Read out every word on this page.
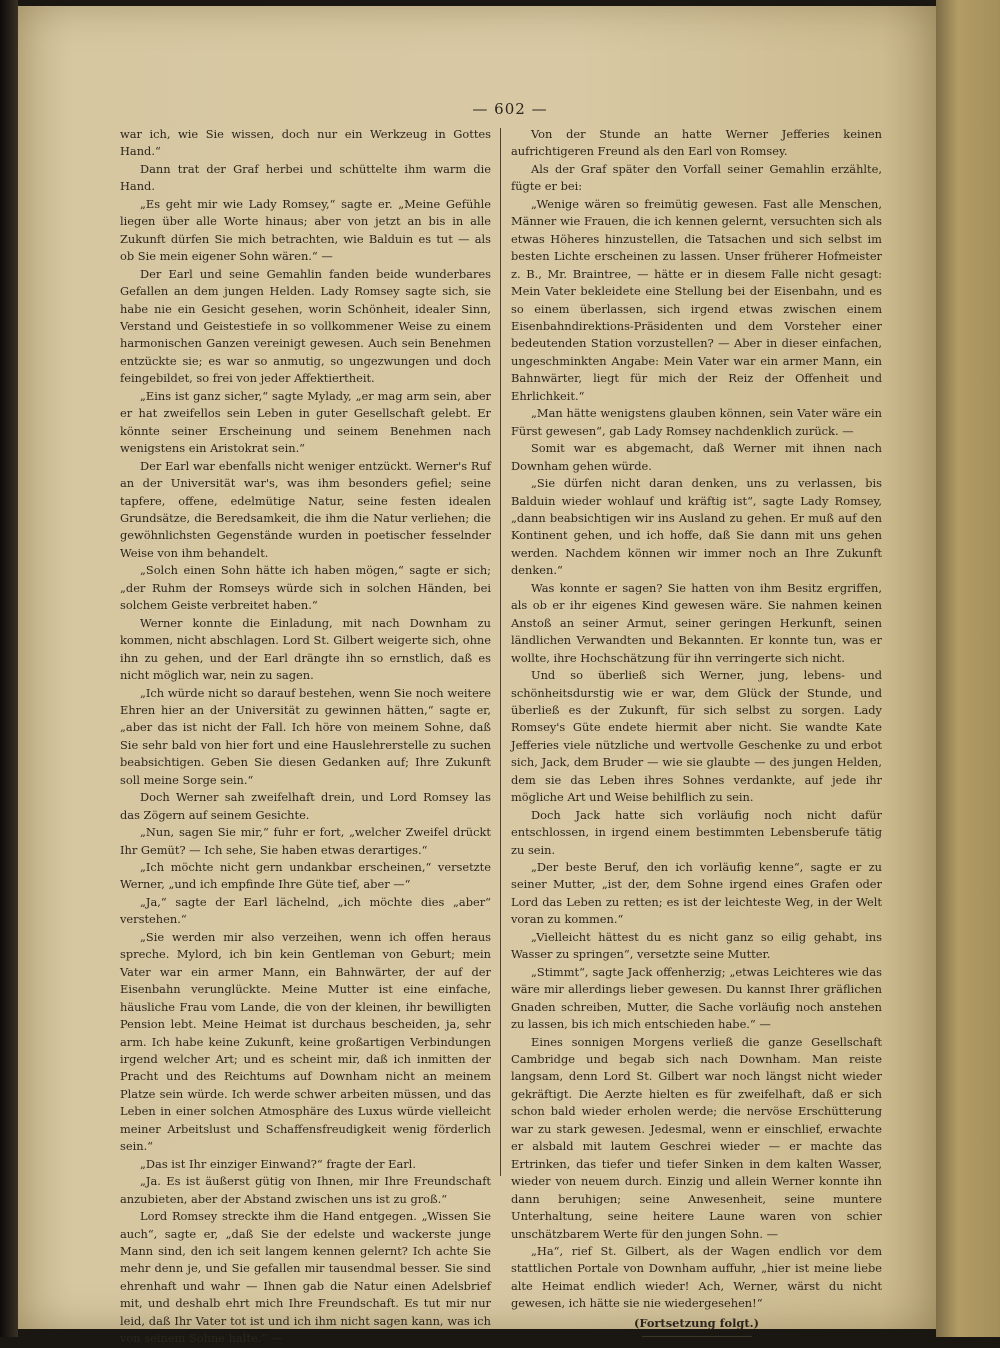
— 602 —

war ich, wie Sie wissen, doch nur ein Werkzeug in Gottes Hand.“

Dann trat der Graf herbei und schüttelte ihm warm die Hand.

„Es geht mir wie Lady Romsey,“ sagte er. „Meine Gefühle liegen über alle Worte hinaus; aber von jetzt an bis in alle Zukunft dürfen Sie mich betrachten, wie Balduin es tut — als ob Sie mein eigener Sohn wären.“ —

Der Earl und seine Gemahlin fanden beide wunderbares Gefallen an dem jungen Helden. Lady Romsey sagte sich, sie habe nie ein Gesicht gesehen, worin Schönheit, idealer Sinn, Verstand und Geistestiefe in so vollkommener Weise zu einem harmonischen Ganzen vereinigt gewesen. Auch sein Benehmen entzückte sie; es war so anmutig, so ungezwungen und doch feingebildet, so frei von jeder Affektiertheit.

„Eins ist ganz sicher,“ sagte Mylady, „er mag arm sein, aber er hat zweifellos sein Leben in guter Gesellschaft gelebt. Er könnte seiner Erscheinung und seinem Benehmen nach wenigstens ein Aristokrat sein.“

Der Earl war ebenfalls nicht weniger entzückt. Werner's Ruf an der Universität war's, was ihm besonders gefiel; seine tapfere, offene, edelmütige Natur, seine festen idealen Grundsätze, die Beredsamkeit, die ihm die Natur verliehen; die gewöhnlichsten Gegenstände wurden in poetischer fesselnder Weise von ihm behandelt.

„Solch einen Sohn hätte ich haben mögen,“ sagte er sich; „der Ruhm der Romseys würde sich in solchen Händen, bei solchem Geiste verbreitet haben.“

Werner konnte die Einladung, mit nach Downham zu kommen, nicht abschlagen. Lord St. Gilbert weigerte sich, ohne ihn zu gehen, und der Earl drängte ihn so ernstlich, daß es nicht möglich war, nein zu sagen.

„Ich würde nicht so darauf bestehen, wenn Sie noch weitere Ehren hier an der Universität zu gewinnen hätten,“ sagte er, „aber das ist nicht der Fall. Ich höre von meinem Sohne, daß Sie sehr bald von hier fort und eine Hauslehrerstelle zu suchen beabsichtigen. Geben Sie diesen Gedanken auf; Ihre Zukunft soll meine Sorge sein.“

Doch Werner sah zweifelhaft drein, und Lord Romsey las das Zögern auf seinem Gesichte.

„Nun, sagen Sie mir,“ fuhr er fort, „welcher Zweifel drückt Ihr Gemüt? — Ich sehe, Sie haben etwas derartiges.“

„Ich möchte nicht gern undankbar erscheinen,“ versetzte Werner, „und ich empfinde Ihre Güte tief, aber —“

„Ja,“ sagte der Earl lächelnd, „ich möchte dies „aber“ verstehen.“

„Sie werden mir also verzeihen, wenn ich offen heraus spreche. Mylord, ich bin kein Gentleman von Geburt; mein Vater war ein armer Mann, ein Bahnwärter, der auf der Eisenbahn verunglückte. Meine Mutter ist eine einfache, häusliche Frau vom Lande, die von der kleinen, ihr bewilligten Pension lebt. Meine Heimat ist durchaus bescheiden, ja, sehr arm. Ich habe keine Zukunft, keine großartigen Verbindungen irgend welcher Art; und es scheint mir, daß ich inmitten der Pracht und des Reichtums auf Downham nicht an meinem Platze sein würde. Ich werde schwer arbeiten müssen, und das Leben in einer solchen Atmosphäre des Luxus würde vielleicht meiner Arbeitslust und Schaffensfreudigkeit wenig förderlich sein.“

„Das ist Ihr einziger Einwand?“ fragte der Earl.

„Ja. Es ist äußerst gütig von Ihnen, mir Ihre Freundschaft anzubieten, aber der Abstand zwischen uns ist zu groß.“

Lord Romsey streckte ihm die Hand entgegen. „Wissen Sie auch“, sagte er, „daß Sie der edelste und wackerste junge Mann sind, den ich seit langem kennen gelernt? Ich achte Sie mehr denn je, und Sie gefallen mir tausendmal besser. Sie sind ehrenhaft und wahr — Ihnen gab die Natur einen Adelsbrief mit, und deshalb ehrt mich Ihre Freundschaft. Es tut mir nur leid, daß Ihr Vater tot ist und ich ihm nicht sagen kann, was ich von seinem Sohne halte.“ —

Von der Stunde an hatte Werner Jefferies keinen aufrichtigeren Freund als den Earl von Romsey.

Als der Graf später den Vorfall seiner Gemahlin erzählte, fügte er bei:

„Wenige wären so freimütig gewesen. Fast alle Menschen, Männer wie Frauen, die ich kennen gelernt, versuchten sich als etwas Höheres hinzustellen, die Tatsachen und sich selbst im besten Lichte erscheinen zu lassen. Unser früherer Hofmeister z. B., Mr. Braintree, — hätte er in diesem Falle nicht gesagt: Mein Vater bekleidete eine Stellung bei der Eisenbahn, und es so einem überlassen, sich irgend etwas zwischen einem Eisenbahndirektions-Präsidenten und dem Vorsteher einer bedeutenden Station vorzustellen? — Aber in dieser einfachen, ungeschminkten Angabe: Mein Vater war ein armer Mann, ein Bahnwärter, liegt für mich der Reiz der Offenheit und Ehrlichkeit.“

„Man hätte wenigstens glauben können, sein Vater wäre ein Fürst gewesen“, gab Lady Romsey nachdenklich zurück. —

Somit war es abgemacht, daß Werner mit ihnen nach Downham gehen würde.

„Sie dürfen nicht daran denken, uns zu verlassen, bis Balduin wieder wohlauf und kräftig ist“, sagte Lady Romsey, „dann beabsichtigen wir ins Ausland zu gehen. Er muß auf den Kontinent gehen, und ich hoffe, daß Sie dann mit uns gehen werden. Nachdem können wir immer noch an Ihre Zukunft denken.“

Was konnte er sagen? Sie hatten von ihm Besitz ergriffen, als ob er ihr eigenes Kind gewesen wäre. Sie nahmen keinen Anstoß an seiner Armut, seiner geringen Herkunft, seinen ländlichen Verwandten und Bekannten. Er konnte tun, was er wollte, ihre Hochschätzung für ihn verringerte sich nicht.

Und so überließ sich Werner, jung, lebens- und schönheitsdurstig wie er war, dem Glück der Stunde, und überließ es der Zukunft, für sich selbst zu sorgen. Lady Romsey's Güte endete hiermit aber nicht. Sie wandte Kate Jefferies viele nützliche und wertvolle Geschenke zu und erbot sich, Jack, dem Bruder — wie sie glaubte — des jungen Helden, dem sie das Leben ihres Sohnes verdankte, auf jede ihr mögliche Art und Weise behilflich zu sein.

Doch Jack hatte sich vorläufig noch nicht dafür entschlossen, in irgend einem bestimmten Lebensberufe tätig zu sein.

„Der beste Beruf, den ich vorläufig kenne“, sagte er zu seiner Mutter, „ist der, dem Sohne irgend eines Grafen oder Lord das Leben zu retten; es ist der leichteste Weg, in der Welt voran zu kommen.“

„Vielleicht hättest du es nicht ganz so eilig gehabt, ins Wasser zu springen“, versetzte seine Mutter.

„Stimmt“, sagte Jack offenherzig; „etwas Leichteres wie das wäre mir allerdings lieber gewesen. Du kannst Ihrer gräflichen Gnaden schreiben, Mutter, die Sache vorläufig noch anstehen zu lassen, bis ich mich entschieden habe.“ —

Eines sonnigen Morgens verließ die ganze Gesellschaft Cambridge und begab sich nach Downham. Man reiste langsam, denn Lord St. Gilbert war noch längst nicht wieder gekräftigt. Die Aerzte hielten es für zweifelhaft, daß er sich schon bald wieder erholen werde; die nervöse Erschütterung war zu stark gewesen. Jedesmal, wenn er einschlief, erwachte er alsbald mit lautem Geschrei wieder — er machte das Ertrinken, das tiefer und tiefer Sinken in dem kalten Wasser, wieder von neuem durch. Einzig und allein Werner konnte ihn dann beruhigen; seine Anwesenheit, seine muntere Unterhaltung, seine heitere Laune waren von schier unschätzbarem Werte für den jungen Sohn. —

„Ha“, rief St. Gilbert, als der Wagen endlich vor dem stattlichen Portale von Downham auffuhr, „hier ist meine liebe alte Heimat endlich wieder! Ach, Werner, wärst du nicht gewesen, ich hätte sie nie wiedergesehen!“

(Fortsetzung folgt.)
